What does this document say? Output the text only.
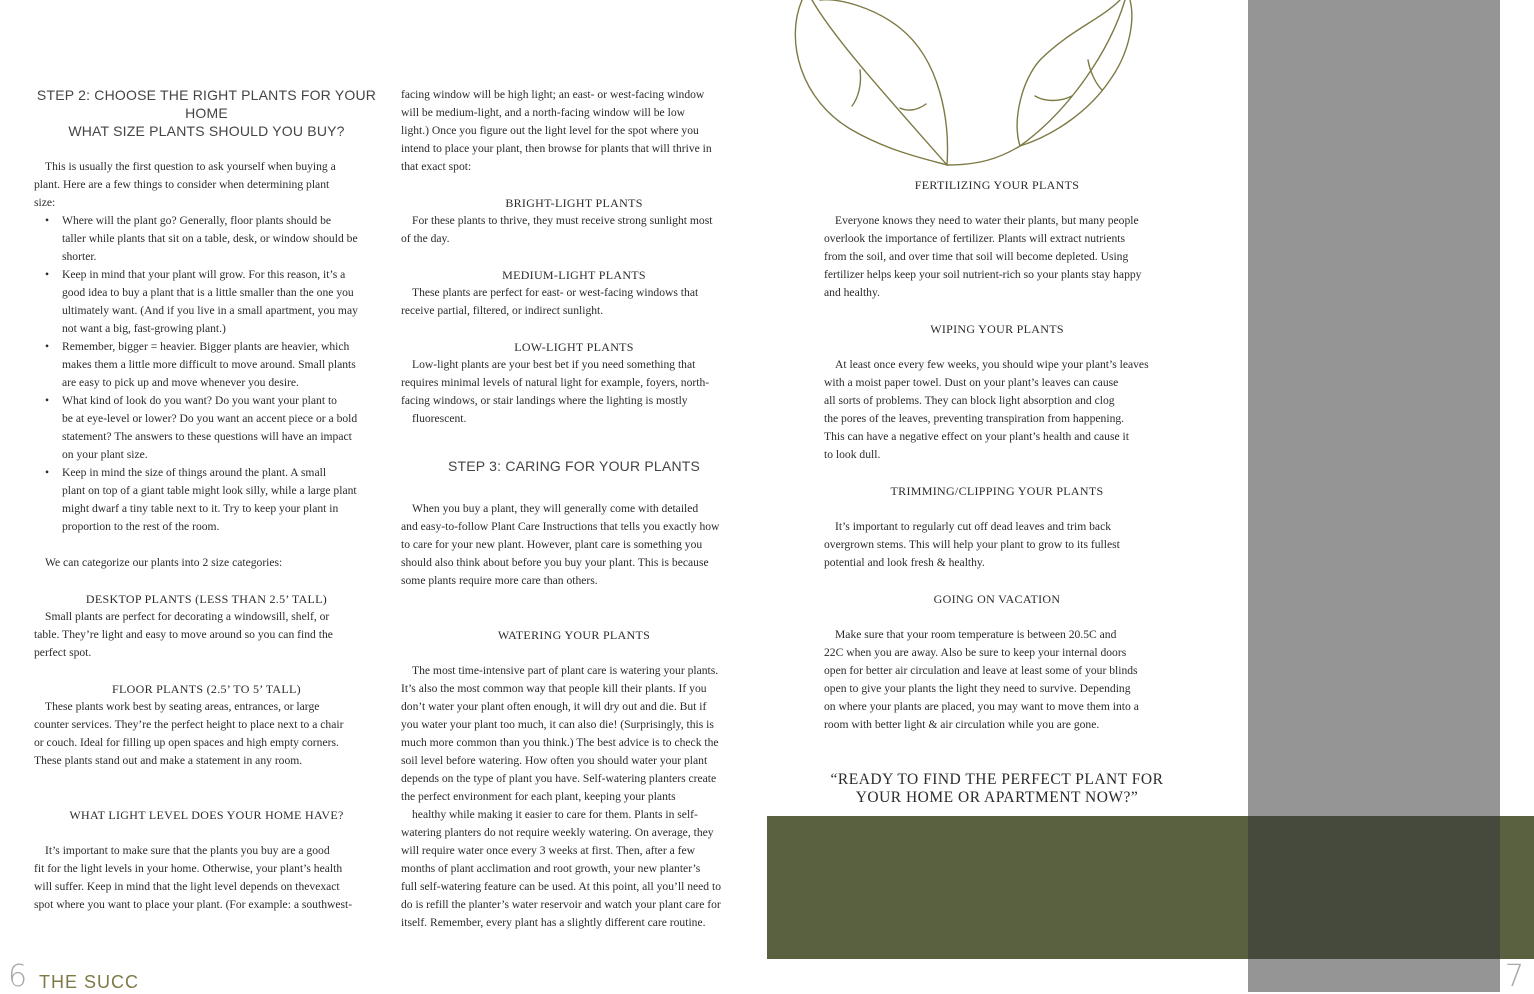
STEP 2: CHOOSE THE RIGHT PLANTS FOR YOUR
HOME
WHAT SIZE PLANTS SHOULD YOU BUY?
This is usually the first question to ask yourself when buying a
plant. Here are a few things to consider when determining plant
size:
• Where will the plant go? Generally, floor plants should be
taller while plants that sit on a table, desk, or window should be
shorter.
• Keep in mind that your plant will grow. For this reason, it’s a
good idea to buy a plant that is a little smaller than the one you
ultimately want. (And if you live in a small apartment, you may
not want a big, fast-growing plant.)
• Remember, bigger = heavier. Bigger plants are heavier, which
makes them a little more difficult to move around. Small plants
are easy to pick up and move whenever you desire.
• What kind of look do you want? Do you want your plant to
be at eye-level or lower? Do you want an accent piece or a bold
statement? The answers to these questions will have an impact
on your plant size.
• Keep in mind the size of things around the plant. A small
plant on top of a giant table might look silly, while a large plant
might dwarf a tiny table next to it. Try to keep your plant in
proportion to the rest of the room.

We can categorize our plants into 2 size categories:

DESKTOP PLANTS (LESS THAN 2.5’ TALL)

Small plants are perfect for decorating a windowsill, shelf, or
table. They’re light and easy to move around so you can find the
perfect spot.

FLOOR PLANTS (2.5’ TO 5’ TALL)

These plants work best by seating areas, entrances, or large
counter services. They’re the perfect height to place next to a chair
or couch. Ideal for filling up open spaces and high empty corners.
These plants stand out and make a statement in any room.

WHAT LIGHT LEVEL DOES YOUR HOME HAVE?

It’s important to make sure that the plants you buy are a good
fit for the light levels in your home. Otherwise, your plant’s health
will suffer. Keep in mind that the light level depends on thevexact
spot where you want to place your plant. (For example: a southwest-
facing window will be high light; an east- or west-facing window
will be medium-light, and a north-facing window will be low
light.) Once you figure out the light level for the spot where you
intend to place your plant, then browse for plants that will thrive in
that exact spot:

BRIGHT-LIGHT PLANTS

For these plants to thrive, they must receive strong sunlight most
of the day.

MEDIUM-LIGHT PLANTS

These plants are perfect for east- or west-facing windows that
receive partial, filtered, or indirect sunlight.

LOW-LIGHT PLANTS

Low-light plants are your best bet if you need something that
requires minimal levels of natural light for example, foyers, north-
facing windows, or stair landings where the lighting is mostly
fluorescent.

STEP 3: CARING FOR YOUR PLANTS

When you buy a plant, they will generally come with detailed
and easy-to-follow Plant Care Instructions that tells you exactly how
to care for your new plant. However, plant care is something you
should also think about before you buy your plant. This is because
some plants require more care than others.

WATERING YOUR PLANTS

The most time-intensive part of plant care is watering your plants.
It’s also the most common way that people kill their plants. If you
don’t water your plant often enough, it will dry out and die. But if
you water your plant too much, it can also die! (Surprisingly, this is
much more common than you think.) The best advice is to check the
soil level before watering. How often you should water your plant
depends on the type of plant you have. Self-watering planters create
the perfect environment for each plant, keeping your plants
healthy while making it easier to care for them. Plants in self-
watering planters do not require weekly watering. On average, they
will require water once every 3 weeks at first. Then, after a few
months of plant acclimation and root growth, your new planter’s
full self-watering feature can be used. At this point, all you’ll need to
do is refill the planter’s water reservoir and watch your plant care for
itself. Remember, every plant has a slightly different care routine.

FERTILIZING YOUR PLANTS

Everyone knows they need to water their plants, but many people
overlook the importance of fertilizer. Plants will extract nutrients
from the soil, and over time that soil will become depleted. Using
fertilizer helps keep your soil nutrient-rich so your plants stay happy
and healthy.

WIPING YOUR PLANTS

At least once every few weeks, you should wipe your plant’s leaves
with a moist paper towel. Dust on your plant’s leaves can cause
all sorts of problems. They can block light absorption and clog
the pores of the leaves, preventing transpiration from happening.
This can have a negative effect on your plant’s health and cause it
to look dull.

TRIMMING/CLIPPING YOUR PLANTS

It’s important to regularly cut off dead leaves and trim back
overgrown stems. This will help your plant to grow to its fullest
potential and look fresh & healthy.

GOING ON VACATION

Make sure that your room temperature is between 20.5C and
22C when you are away. Also be sure to keep your internal doors
open for better air circulation and leave at least some of your blinds
open to give your plants the light they need to survive. Depending
on where your plants are placed, you may want to move them into a
room with better light & air circulation while you are gone.
“READY TO FIND THE PERFECT PLANT FOR
YOUR HOME OR APARTMENT NOW?”
6 THE SUCC	7
